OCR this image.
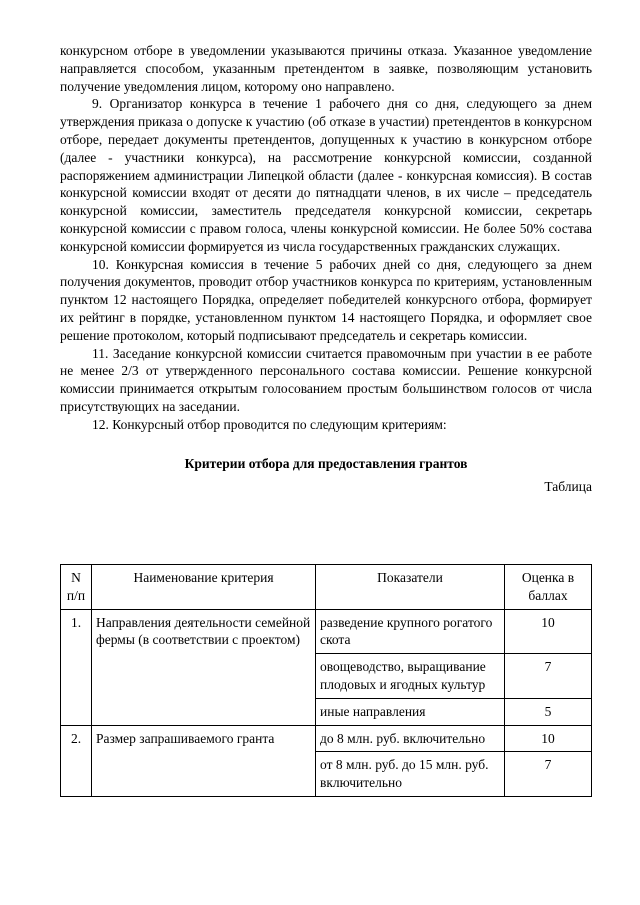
конкурсном отборе в уведомлении указываются причины отказа. Указанное уведомление направляется способом, указанным претендентом в заявке, позволяющим установить получение уведомления лицом, которому оно направлено.

9. Организатор конкурса в течение 1 рабочего дня со дня, следующего за днем утверждения приказа о допуске к участию (об отказе в участии) претендентов в конкурсном отборе, передает документы претендентов, допущенных к участию в конкурсном отборе (далее - участники конкурса), на рассмотрение конкурсной комиссии, созданной распоряжением администрации Липецкой области (далее - конкурсная комиссия). В состав конкурсной комиссии входят от десяти до пятнадцати членов, в их числе – председатель конкурсной комиссии, заместитель председателя конкурсной комиссии, секретарь конкурсной комиссии с правом голоса, члены конкурсной комиссии. Не более 50% состава конкурсной комиссии формируется из числа государственных гражданских служащих.

10. Конкурсная комиссия в течение 5 рабочих дней со дня, следующего за днем получения документов, проводит отбор участников конкурса по критериям, установленным пунктом 12 настоящего Порядка, определяет победителей конкурсного отбора, формирует их рейтинг в порядке, установленном пунктом 14 настоящего Порядка, и оформляет свое решение протоколом, который подписывают председатель и секретарь комиссии.

11. Заседание конкурсной комиссии считается правомочным при участии в ее работе не менее 2/3 от утвержденного персонального состава комиссии. Решение конкурсной комиссии принимается открытым голосованием простым большинством голосов от числа присутствующих на заседании.

12. Конкурсный отбор проводится по следующим критериям:

Критерии отбора для предоставления грантов
Таблица
N п/п	Наименование критерия	Показатели	Оценка в баллах
1.	Направления деятельности семейной фермы (в соответствии с проектом)	разведение крупного рогатого скота	10
		овощеводство, выращивание плодовых и ягодных культур	7
		иные направления	5
2.	Размер запрашиваемого гранта	до 8 млн. руб. включительно	10
		от 8 млн. руб. до 15 млн. руб. включительно	7
